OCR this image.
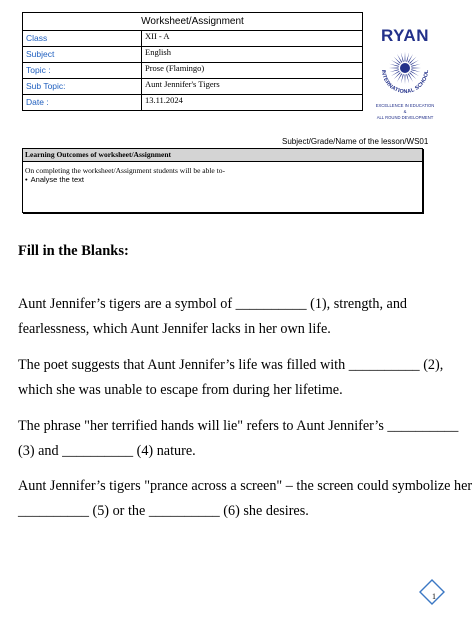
Worksheet/Assignment	
Class	XII - A
Subject	English
Topic :	Prose (Flamingo)
Sub Topic:	Aunt Jennifer's Tigers
Date :	13.11.2024
RYAN
INTERNATIONAL SCHOOL
EXCELLENCE IN EDUCATION
&
ALL ROUND DEVELOPMENT
Subject/Grade/Name of the lesson/WS01
Learning Outcomes of worksheet/Assignment
On completing the worksheet/Assignment students will be able to-
• Analyse the text
Fill in the Blanks:

Aunt Jennifer’s tigers are a symbol of __________ (1), strength, and fearlessness, which Aunt Jennifer lacks in her own life.

The poet suggests that Aunt Jennifer’s life was filled with __________ (2), which she was unable to escape from during her lifetime.

The phrase "her terrified hands will lie" refers to Aunt Jennifer’s __________ (3) and __________ (4) nature.

Aunt Jennifer’s tigers "prance across a screen" – the screen could symbolize her __________ (5) or the __________ (6) she desires.

1
